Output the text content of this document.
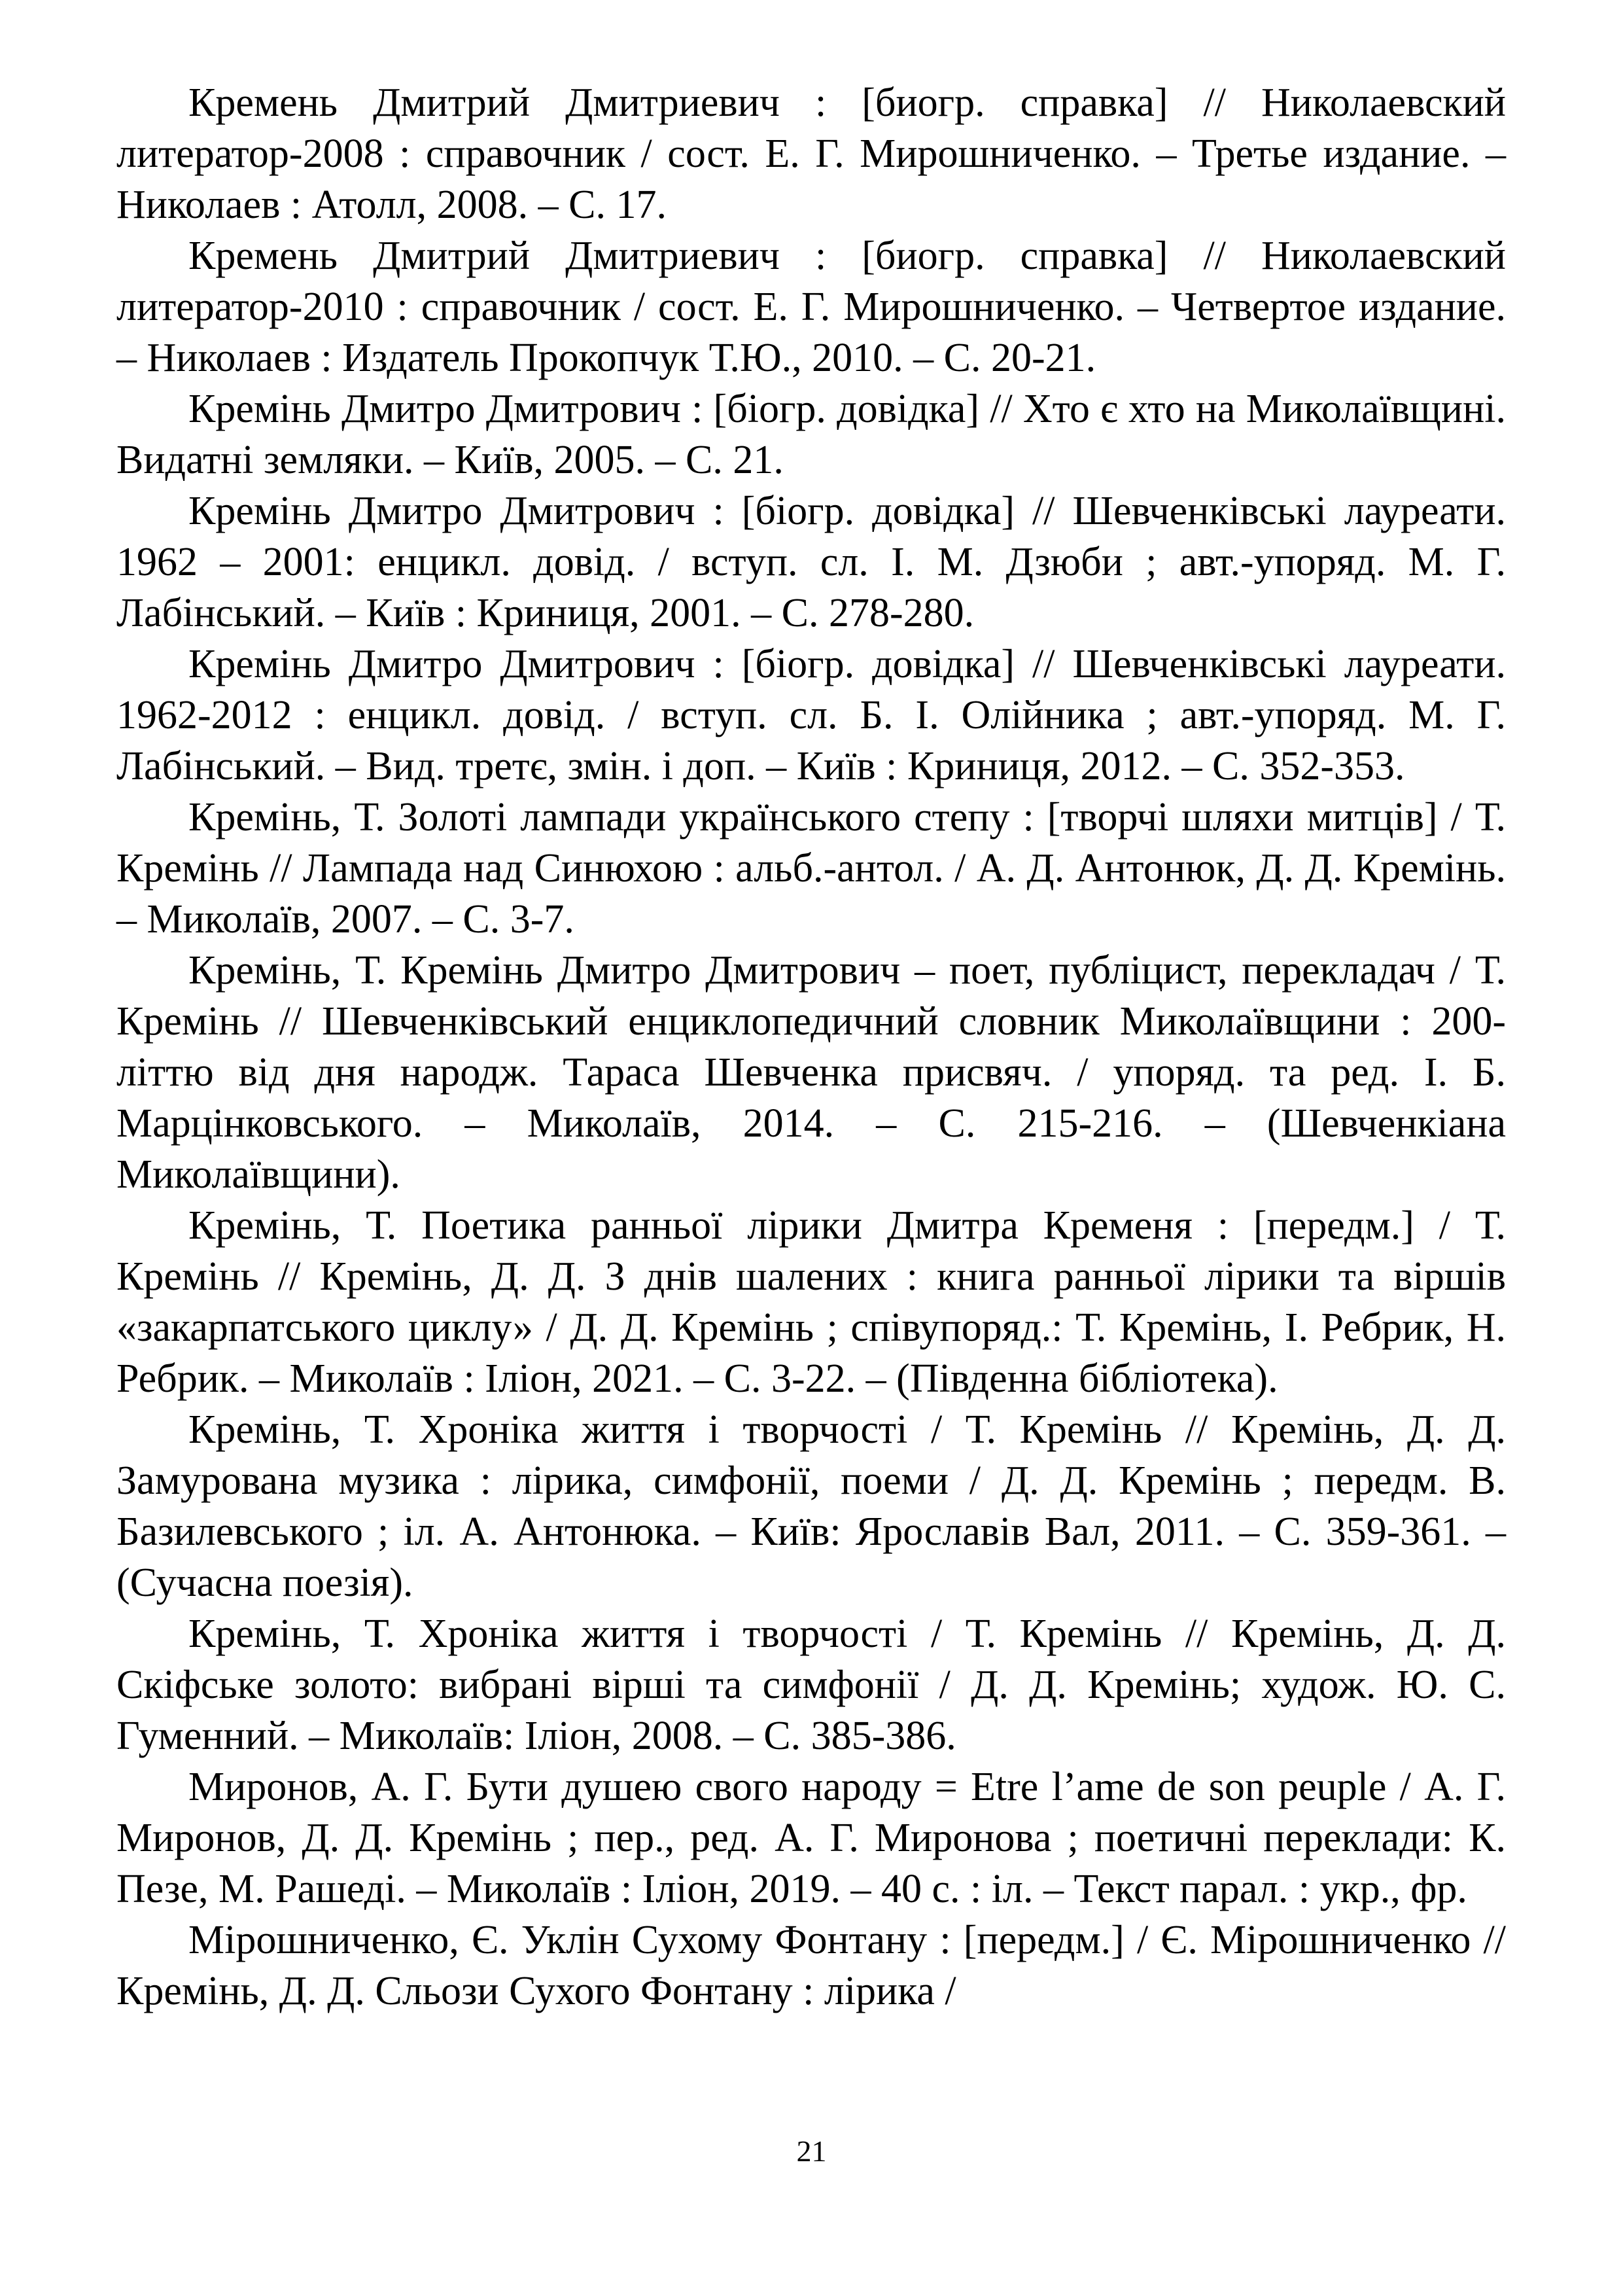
Кремень Дмитрий Дмитриевич : [биогр. справка] // Николаевский литератор-2008 : справочник / сост. Е. Г. Мирошниченко. – Третье издание. – Николаев : Атолл, 2008. – С. 17.

Кремень Дмитрий Дмитриевич : [биогр. справка] // Николаевский литератор-2010 : справочник / сост. Е. Г. Мирошниченко. – Четвертое издание. – Николаев : Издатель Прокопчук Т.Ю., 2010. – С. 20-21.

Кремінь Дмитро Дмитрович : [біогр. довідка] // Хто є хто на Миколаївщині. Видатні земляки. – Київ, 2005. – С. 21.

Кремінь Дмитро Дмитрович : [біогр. довідка] // Шевченківські лауреати. 1962 – 2001: енцикл. довід. / вступ. сл. І. М. Дзюби ; авт.-упоряд. М. Г. Лабінський. – Київ : Криниця, 2001. – С. 278-280.

Кремінь Дмитро Дмитрович : [біогр. довідка] // Шевченківські лауреати. 1962-2012 : енцикл. довід. / вступ. сл. Б. І. Олійника ; авт.-упоряд. М. Г. Лабінський. – Вид. третє, змін. і доп. – Київ : Криниця, 2012. – С. 352-353.

Кремінь, Т. Золоті лампади українського степу : [творчі шляхи митців] / Т. Кремінь // Лампада над Синюхою : альб.-антол. / А. Д. Антонюк, Д. Д. Кремінь. – Миколаїв, 2007. – С. 3-7.

Кремінь, Т. Кремінь Дмитро Дмитрович – поет, публіцист, перекладач / Т. Кремінь // Шевченківський енциклопедичний словник Миколаївщини : 200-літтю від дня народж. Тараса Шевченка присвяч. / упоряд. та ред. І. Б. Марцінковського. – Миколаїв, 2014. – С. 215-216. – (Шевченкіана Миколаївщини).

Кремінь, Т. Поетика ранньої лірики Дмитра Кременя : [передм.] / Т. Кремінь // Кремінь, Д. Д. З днів шалених : книга ранньої лірики та віршів «закарпатського циклу» / Д. Д. Кремінь ; співупоряд.: Т. Кремінь, І. Ребрик, Н. Ребрик. – Миколаїв : Іліон, 2021. – С. 3-22. – (Південна бібліотека).

Кремінь, Т. Хроніка життя і творчості / Т. Кремінь // Кремінь, Д. Д. Замурована музика : лірика, симфонії, поеми / Д. Д. Кремінь ; передм. В. Базилевського ; іл. А. Антонюка. – Київ: Ярославів Вал, 2011. – С. 359-361. – (Сучасна поезія).

Кремінь, Т. Хроніка життя і творчості / Т. Кремінь // Кремінь, Д. Д. Скіфське золото: вибрані вірші та симфонії / Д. Д. Кремінь; худож. Ю. С. Гуменний. – Миколаїв: Іліон, 2008. – С. 385-386.

Миронов, А. Г. Бути душею свого народу = Etre l’ame de son peuple / А. Г. Миронов, Д. Д. Кремінь ; пер., ред. А. Г. Миронова ; поетичні переклади: К. Пезе, М. Рашеді. – Миколаїв : Іліон, 2019. – 40 с. : іл. – Текст парал. : укр., фр.

Мірошниченко, Є. Уклін Сухому Фонтану : [передм.] / Є. Мірошниченко // Кремінь, Д. Д. Сльози Сухого Фонтану : лірика /

21
